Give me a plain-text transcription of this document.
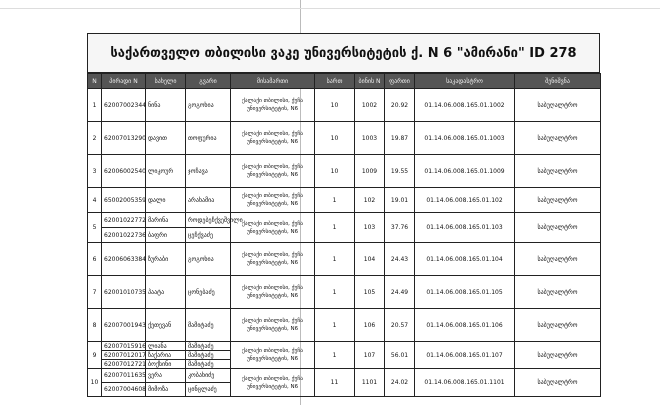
საქართველო თბილისი ვაკე უნივერსიტეტის ქ. N 6 "ამირანი" ID 278
N	პირადი N	სახელი	გვარი	მისამართი	სართ	ბინის N	ფართი	საკადასტრო	შენიშვნა
1	62007002344	ნინა	გოგოხია	ქალაქი თბილისი, ქუჩა უნივერსიტეტის, N6	10	1002	20.92	01.14.06.008.165.01.1002	საბუღალტრო
2	62007013290	დავით	თოფურია	ქალაქი თბილისი, ქუჩა უნივერსიტეტის, N6	10	1003	19.87	01.14.06.008.165.01.1003	საბუღალტრო
3	62006002540	ლიკოურ	ჯოჩავა	ქალაქი თბილისი, ქუჩა უნივერსიტეტის, N6	10	1009	19.55	01.14.06.008.165.01.1009	საბუღალტრო
4	65002005359	დალი	არახამია	ქალაქი თბილისი, ქუჩა უნივერსიტეტის, N6	1	102	19.01	01.14.06.008.165.01.102	საბუღალტრო
5	62001022772	მარინა	როდებეჩქვეშვილი	ქალაქი თბილისი, ქუჩა უნივერსიტეტის, N6	1	103	37.76	01.14.06.008.165.01.103	საბუღალტრო
	62001022736	ბაფრი	ცეჩქვაძე						
6	62006063384	ზურაბი	გოგოხია	ქალაქი თბილისი, ქუჩა უნივერსიტეტის, N6	1	104	24.43	01.14.06.008.165.01.104	საბუღალტრო
7	62001010735	პაატა	ცონებაძე	ქალაქი თბილისი, ქუჩა უნივერსიტეტის, N6	1	105	24.49	01.14.06.008.165.01.105	საბუღალტრო
8	62007001943	ქეთევან	მამიტაძე	ქალაქი თბილისი, ქუჩა უნივერსიტეტის, N6	1	106	20.57	01.14.06.008.165.01.106	საბუღალტრო
9	62007015916	ლიანა	მამიტაძე	ქალაქი თბილისი, ქუჩა უნივერსიტეტის, N6	1	107	56.01	01.14.06.008.165.01.107	საბუღალტრო
	62007012017	ზაქარია	მამიტაძე						
	62007012721	ბოქსინი	მამიტაძე						
10	62007011635	ვერა	კობახიძე	ქალაქი თბილისი, ქუჩა უნივერსიტეტის, N6	11	1101	24.02	01.14.06.008.165.01.1101	საბუღალტრო
	62007004608	მიმოზა	ცინცლაძე						
